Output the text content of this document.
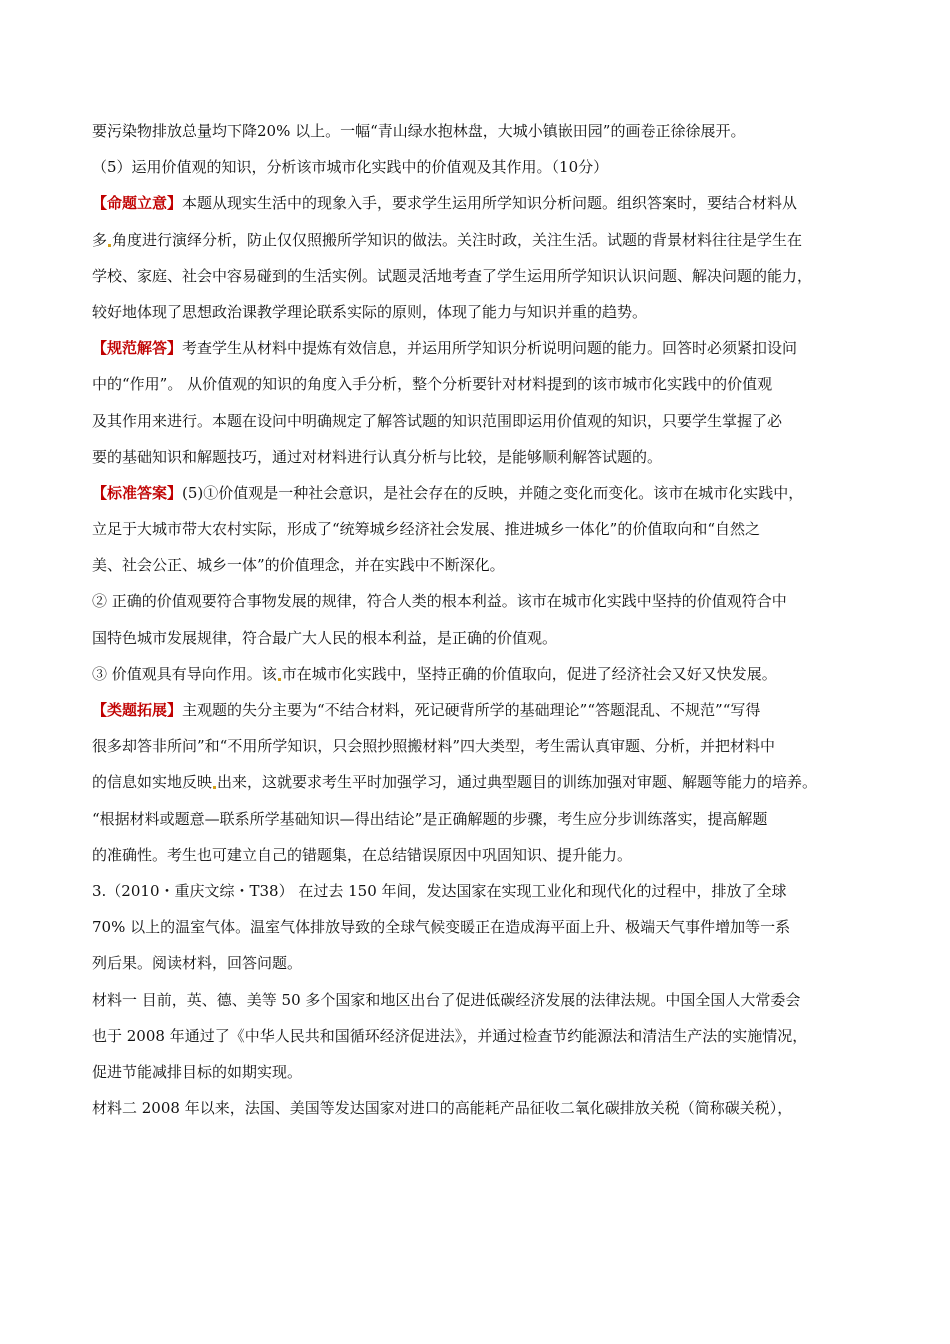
要污染物排放总量均下降20% 以上。一幅“青山绿水抱林盘，大城小镇嵌田园”的画卷正徐徐展开。
（5）运用价值观的知识，分析该市城市化实践中的价值观及其作用。（10分）
【命题立意】本题从现实生活中的现象入手，要求学生运用所学知识分析问题。组织答案时，要结合材料从
多 角度进行演绎分析，防止仅仅照搬所学知识的做法。关注时政，关注生活。试题的背景材料往往是学生在
学校、家庭、社会中容易碰到的生活实例。试题灵活地考查了学生运用所学知识认识问题、解决问题的能力，
较好地体现了思想政治课教学理论联系实际的原则，体现了能力与知识并重的趋势。
【规范解答】考查学生从材料中提炼有效信息，并运用所学知识分析说明问题的能力。回答时必须紧扣设问
中的“作用”。 从价值观的知识的角度入手分析，整个分析要针对材料提到的该市城市化实践中的价值观
及其作用来进行。本题在设问中明确规定了解答试题的知识范围即运用价值观的知识，只要学生掌握了必
要的基础知识和解题技巧，通过对材料进行认真分析与比较，是能够顺利解答试题的。
【标准答案】(5)①价值观是一种社会意识，是社会存在的反映，并随之变化而变化。该市在城市化实践中，
立足于大城市带大农村实际，形成了“统筹城乡经济社会发展、推进城乡一体化”的价值取向和“自然之
美、社会公正、城乡一体”的价值理念，并在实践中不断深化。
② 正确的价值观要符合事物发展的规律，符合人类的根本利益。该市在城市化实践中坚持的价值观符合中
国特色城市发展规律，符合最广大人民的根本利益，是正确的价值观。
③ 价值观具有导向作用。该 市在城市化实践中，坚持正确的价值取向，促进了经济社会又好又快发展。
【类题拓展】主观题的失分主要为“不结合材料，死记硬背所学的基础理论”“答题混乱、不规范”“写得
很多却答非所问”和“不用所学知识，只会照抄照搬材料”四大类型，考生需认真审题、分析，并把材料中
的信息如实地反映 出来，这就要求考生平时加强学习，通过典型题目的训练加强对审题、解题等能力的培养。
“根据材料或题意—联系所学基础知识—得出结论”是正确解题的步骤，考生应分步训练落实，提高解题
的准确性。考生也可建立自己的错题集，在总结错误原因中巩固知识、提升能力。
3.（2010・重庆文综・T38） 在过去 150 年间，发达国家在实现工业化和现代化的过程中，排放了全球
70% 以上的温室气体。温室气体排放导致的全球气候变暖正在造成海平面上升、极端天气事件增加等一系
列后果。阅读材料，回答问题。
材料一 目前，英、德、美等 50 多个国家和地区出台了促进低碳经济发展的法律法规。中国全国人大常委会
也于 2008 年通过了《中华人民共和国循环经济促进法》，并通过检查节约能源法和清洁生产法的实施情况，
促进节能减排目标的如期实现。
材料二 2008 年以来，法国、美国等发达国家对进口的高能耗产品征收二氧化碳排放关税（简称碳关税），
